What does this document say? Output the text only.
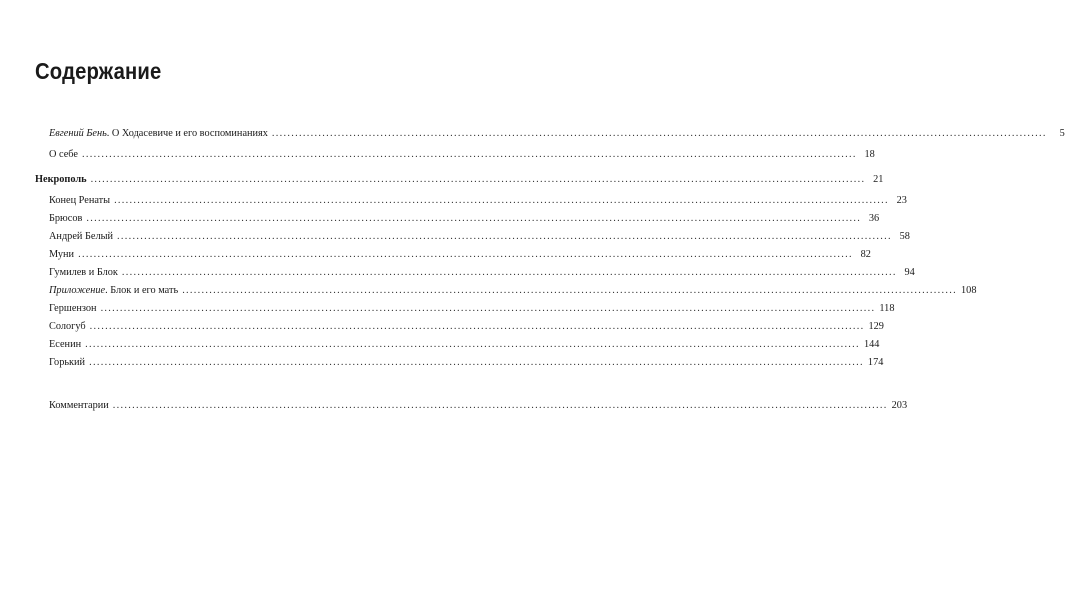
Содержание
Евгений Бень. О Ходасевиче и его воспоминаниях ........................................................................................................................................................................................................	5
О себе ........................................................................................................................................................................................................ 18
Некрополь ........................................................................................................................................................................................................ 21
Конец Ренаты ........................................................................................................................................................................................................ 23
Брюсов ........................................................................................................................................................................................................ 36
Андрей Белый ........................................................................................................................................................................................................ 58
Муни ........................................................................................................................................................................................................ 82
Гумилев и Блок ........................................................................................................................................................................................................ 94
Приложение. Блок и его мать ........................................................................................................................................................................................................ 108
Гершензон ........................................................................................................................................................................................................ 118
Сологуб ........................................................................................................................................................................................................ 129
Есенин ........................................................................................................................................................................................................ 144
Горький ........................................................................................................................................................................................................ 174
Комментарии ........................................................................................................................................................................................................ 203
